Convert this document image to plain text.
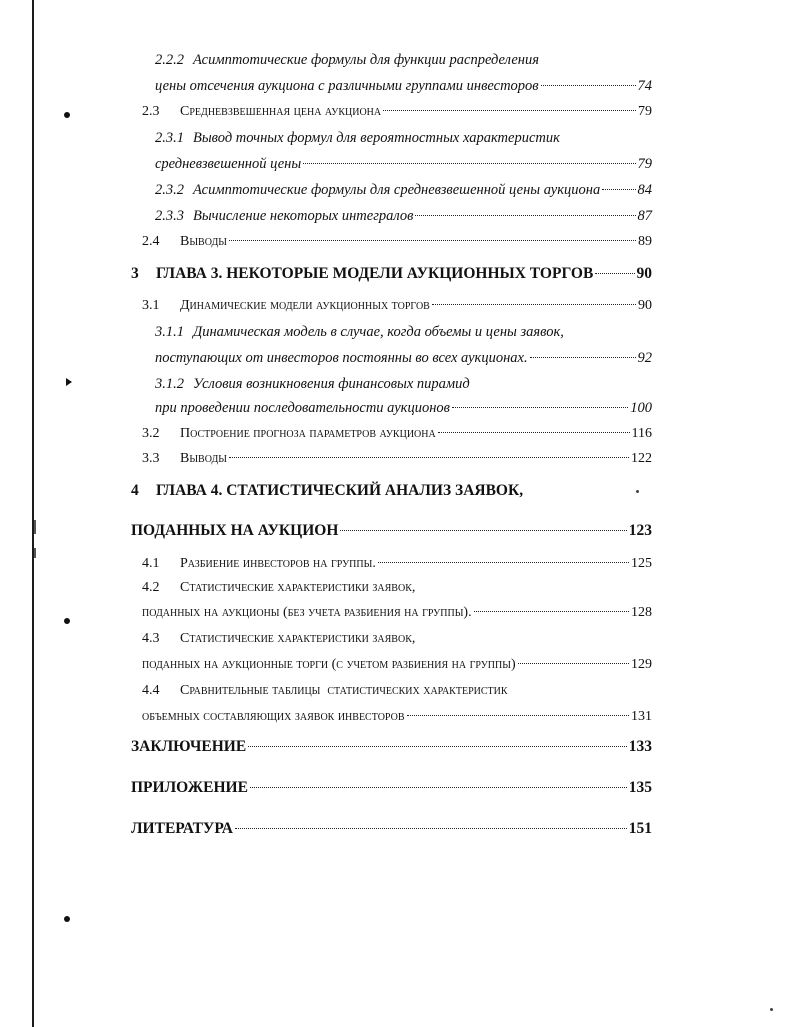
2.2.2 Асимптотические формулы для функции распределения
цены отсечения аукциона с различными группами инвесторов	74
2.3	Средневзвешенная цена аукциона	79
2.3.1 Вывод точных формул для вероятностных характеристик
средневзвешенной цены	79
2.3.2 Асимптотические формулы для средневзвешенной цены аукциона	84
2.3.3 Вычисление некоторых интегралов	87
2.4	Выводы	89
3	ГЛАВА 3. НЕКОТОРЫЕ МОДЕЛИ АУКЦИОННЫХ ТОРГОВ	90
3.1	Динамические модели аукционных торгов	90
3.1.1 Динамическая модель в случае, когда объемы и цены заявок,
поступающих от инвесторов постоянны во всех аукционах.	92
3.1.2 Условия возникновения финансовых пирамид
при проведении последовательности аукционов	100
3.2	Построение прогноза параметров аукциона	116
3.3	Выводы	122
4	ГЛАВА 4. СТАТИСТИЧЕСКИЙ АНАЛИЗ ЗАЯВОК,
ПОДАННЫХ НА АУКЦИОН	123
4.1	Разбиение инвесторов на группы.	125
4.2	Статистические характеристики заявок,
поданных на аукционы (без учета разбиения на группы).	128
4.3	Статистические характеристики заявок,
поданных на аукционные торги (с учетом разбиения на группы)	129
4.4	Сравнительные таблицы  статистических характеристик
объемных составляющих заявок инвесторов	131
ЗАКЛЮЧЕНИЕ	133
ПРИЛОЖЕНИЕ	135
ЛИТЕРАТУРА	151
